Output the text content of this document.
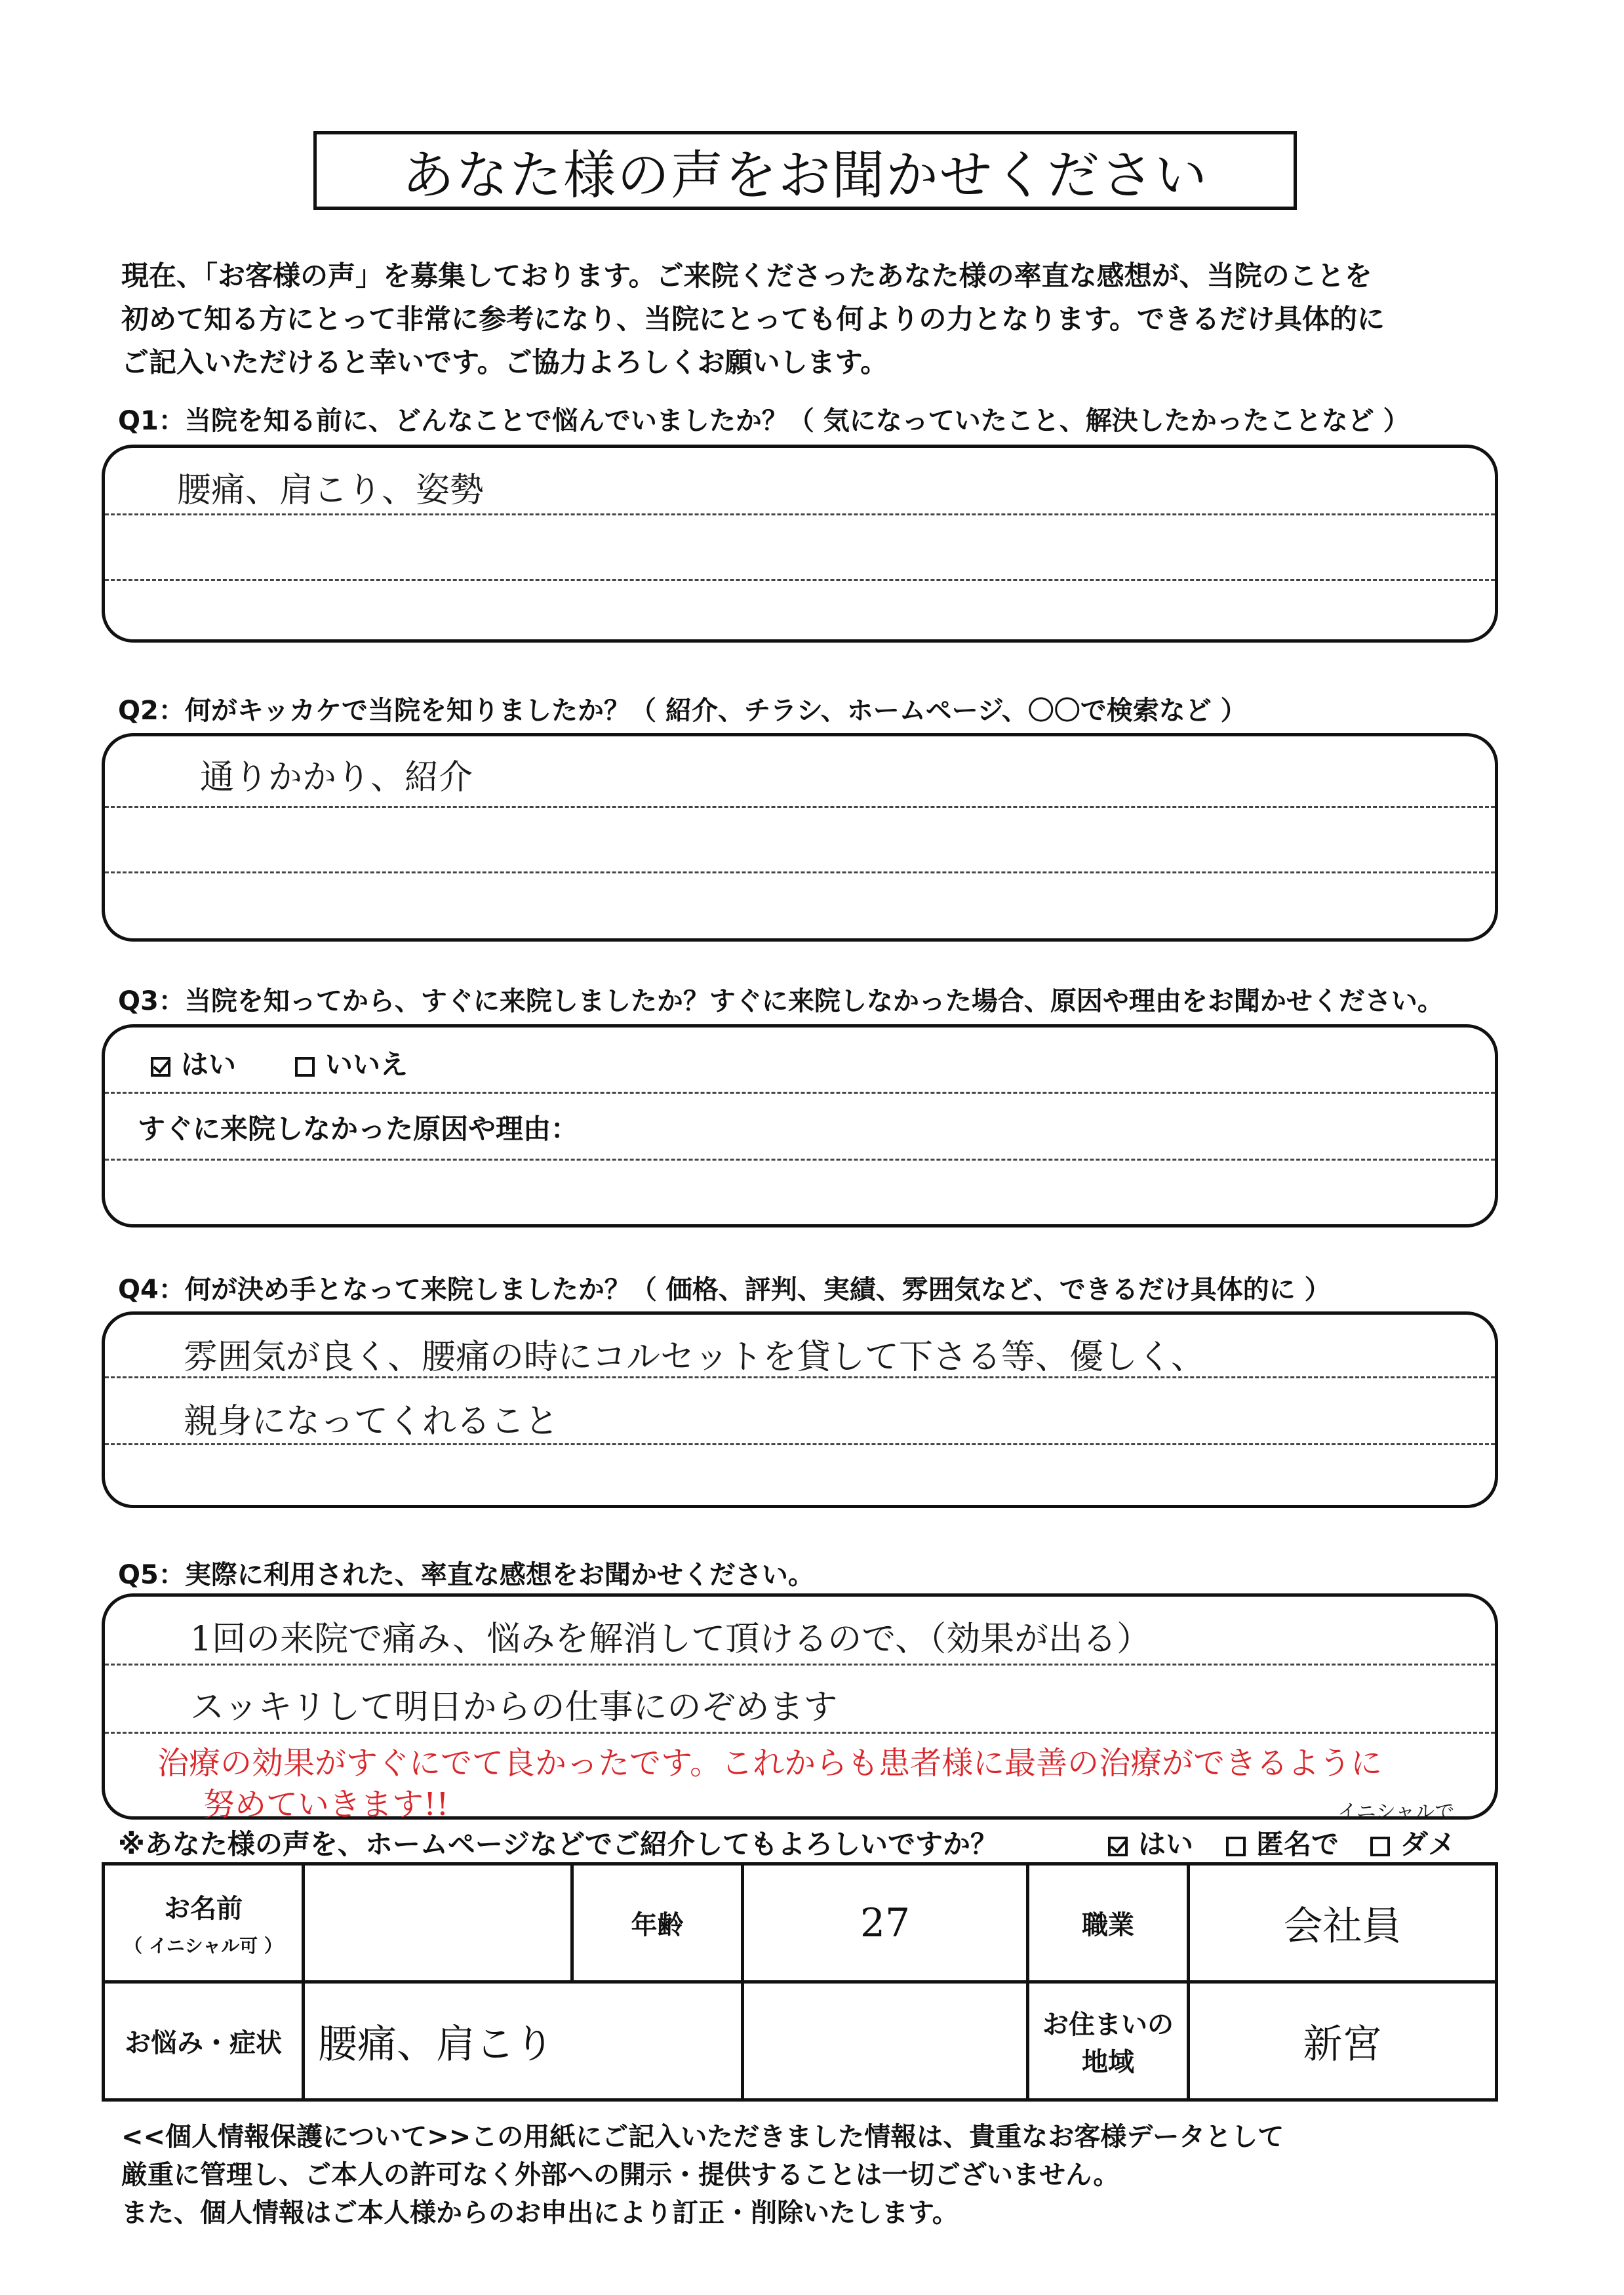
あなた様の声をお聞かせください
現在、「お客様の声」を募集しております。ご来院くださったあなた様の率直な感想が、当院のことを
初めて知る方にとって非常に参考になり、当院にとっても何よりの力となります。できるだけ具体的に
ご記入いただけると幸いです。ご協力よろしくお願いします。
Q1：当院を知る前に、どんなことで悩んでいましたか？（ 気になっていたこと、解決したかったことなど ）
腰痛、肩こり、姿勢
Q2：何がキッカケで当院を知りましたか？（ 紹介、チラシ、ホームページ、〇〇で検索など ）
通りかかり、紹介
Q3：当院を知ってから、すぐに来院しましたか？すぐに来院しなかった場合、原因や理由をお聞かせください。
はい	いいえ
すぐに来院しなかった原因や理由：
Q4：何が決め手となって来院しましたか？（ 価格、評判、実績、雰囲気など、できるだけ具体的に ）
雰囲気が良く、腰痛の時にコルセットを貸して下さる等、優しく、
親身になってくれること
Q5：実際に利用された、率直な感想をお聞かせください。
1回の来院で痛み、悩みを解消して頂けるので、（効果が出る）
スッキリして明日からの仕事にのぞめます
治療の効果がすぐにでて良かったです。これからも患者様に最善の治療ができるように
努めていきます!!
※あなた様の声を、ホームページなどでご紹介してもよろしいですか？
イニシャルで
はい	匿名で	ダメ
お名前
（ イニシャル可 ）		年齢	27	職業	会社員
お悩み・症状	腰痛、肩こり			お住まいの
地域	新宮
<<個人情報保護について>>この用紙にご記入いただきました情報は、貴重なお客様データとして
厳重に管理し、ご本人の許可なく外部への開示・提供することは一切ございません。
また、個人情報はご本人様からのお申出により訂正・削除いたします。
